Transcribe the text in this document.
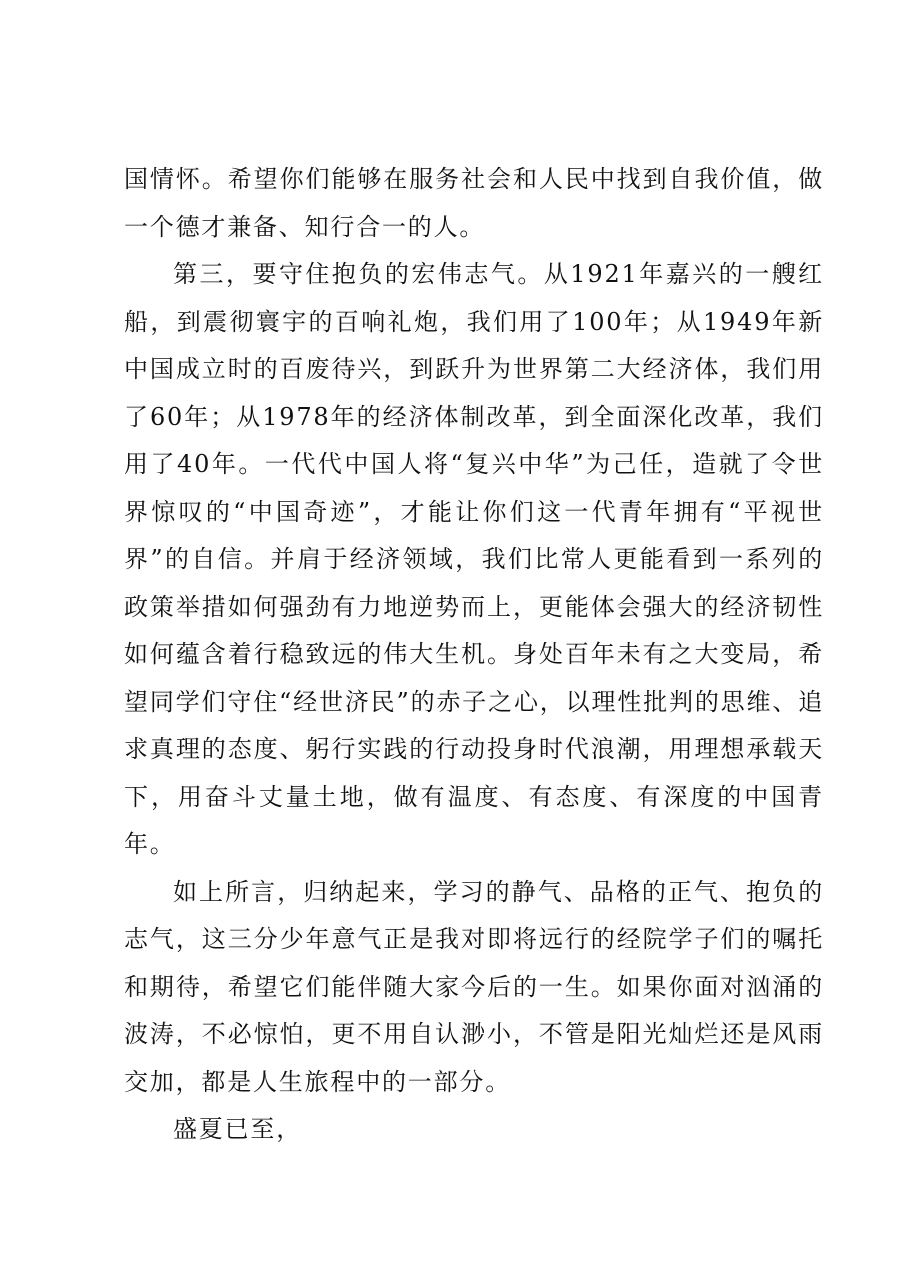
国情怀。希望你们能够在服务社会和人民中找到自我价值，做一个德才兼备、知行合一的人。

第三，要守住抱负的宏伟志气。从1921年嘉兴的一艘红船，到震彻寰宇的百响礼炮，我们用了100年；从1949年新中国成立时的百废待兴，到跃升为世界第二大经济体，我们用了60年；从1978年的经济体制改革，到全面深化改革，我们用了40年。一代代中国人将“复兴中华”为己任，造就了令世界惊叹的“中国奇迹”，才能让你们这一代青年拥有“平视世界”的自信。并肩于经济领域，我们比常人更能看到一系列的政策举措如何强劲有力地逆势而上，更能体会强大的经济韧性如何蕴含着行稳致远的伟大生机。身处百年未有之大变局，希望同学们守住“经世济民”的赤子之心，以理性批判的思维、追求真理的态度、躬行实践的行动投身时代浪潮，用理想承载天下，用奋斗丈量土地，做有温度、有态度、有深度的中国青年。

如上所言，归纳起来，学习的静气、品格的正气、抱负的志气，这三分少年意气正是我对即将远行的经院学子们的嘱托和期待，希望它们能伴随大家今后的一生。如果你面对汹涌的波涛，不必惊怕，更不用自认渺小，不管是阳光灿烂还是风雨交加，都是人生旅程中的一部分。

盛夏已至，
